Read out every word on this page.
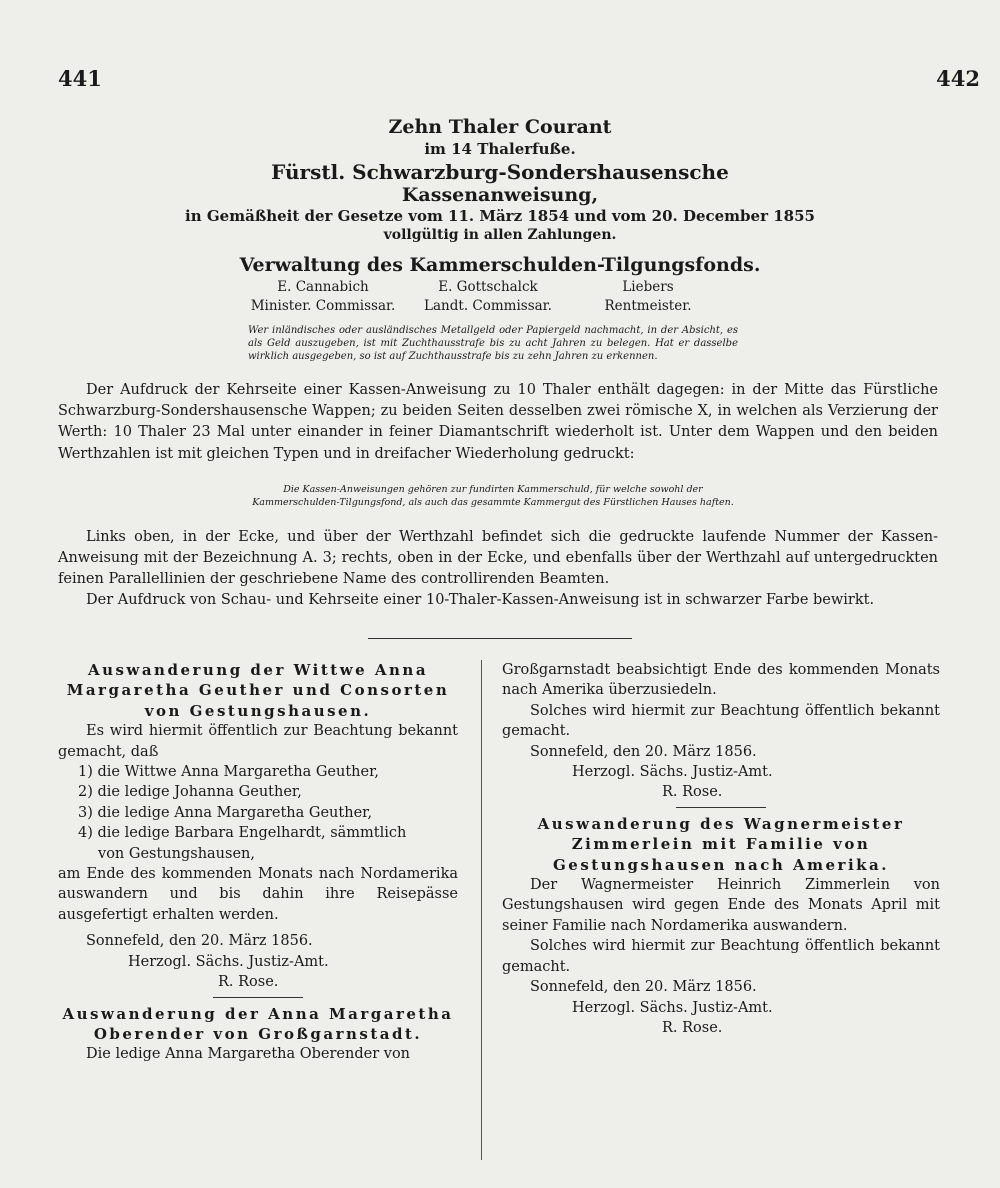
441	442
Zehn Thaler Courant
im 14 Thalerfuße.
Fürstl. Schwarzburg-Sondershausensche
Kassenanweisung,
in Gemäßheit der Gesetze vom 11. März 1854 und vom 20. December 1855
vollgültig in allen Zahlungen.
Verwaltung des Kammerschulden-Tilgungsfonds.
E. Cannabich
Minister. Commissar.
E. Gottschalck
Landt. Commissar.
Liebers
Rentmeister.
Wer inländisches oder ausländisches Metallgeld oder Papiergeld nachmacht, in der Absicht, es als Geld auszugeben, ist mit Zuchthausstrafe bis zu acht Jahren zu belegen. Hat er dasselbe wirklich ausgegeben, so ist auf Zuchthausstrafe bis zu zehn Jahren zu erkennen.
Der Aufdruck der Kehrseite einer Kassen-Anweisung zu 10 Thaler enthält dagegen: in der Mitte das Fürstliche Schwarzburg-Sondershausensche Wappen; zu beiden Seiten desselben zwei römische X, in welchen als Verzierung der Werth: 10 Thaler 23 Mal unter einander in feiner Diamantschrift wiederholt ist. Unter dem Wappen und den beiden Werthzahlen ist mit gleichen Typen und in dreifacher Wiederholung gedruckt:
Die Kassen-Anweisungen gehören zur fundirten Kammerschuld, für welche sowohl der Kammerschulden-Tilgungsfond, als auch das gesammte Kammergut des Fürstlichen Hauses haften.
Links oben, in der Ecke, und über der Werthzahl befindet sich die gedruckte laufende Nummer der Kassen-Anweisung mit der Bezeichnung A. 3; rechts, oben in der Ecke, und ebenfalls über der Werthzahl auf untergedruckten feinen Parallellinien der geschriebene Name des controllirenden Beamten.
Der Aufdruck von Schau- und Kehrseite einer 10-Thaler-Kassen-Anweisung ist in schwarzer Farbe bewirkt.
Auswanderung der Wittwe Anna Margaretha Geuther und Consorten von Gestungshausen.
Es wird hiermit öffentlich zur Beachtung bekannt gemacht, daß
1) die Wittwe Anna Margaretha Geuther,
2) die ledige Johanna Geuther,
3) die ledige Anna Margaretha Geuther,
4) die ledige Barbara Engelhardt, sämmtlich
von Gestungshausen,
am Ende des kommenden Monats nach Nordamerika auswandern und bis dahin ihre Reisepässe ausgefertigt erhalten werden.
Sonnefeld, den 20. März 1856.
Herzogl. Sächs. Justiz-Amt.
R. Rose.
Auswanderung der Anna Margaretha Oberender von Großgarnstadt.
Die ledige Anna Margaretha Oberender von
Großgarnstadt beabsichtigt Ende des kommenden Monats nach Amerika überzusiedeln.
Solches wird hiermit zur Beachtung öffentlich bekannt gemacht.
Sonnefeld, den 20. März 1856.
Herzogl. Sächs. Justiz-Amt.
R. Rose.
Auswanderung des Wagnermeister Zimmerlein mit Familie von Gestungshausen nach Amerika.
Der Wagnermeister Heinrich Zimmerlein von Gestungshausen wird gegen Ende des Monats April mit seiner Familie nach Nordamerika auswandern.
Solches wird hiermit zur Beachtung öffentlich bekannt gemacht.
Sonnefeld, den 20. März 1856.
Herzogl. Sächs. Justiz-Amt.
R. Rose.
